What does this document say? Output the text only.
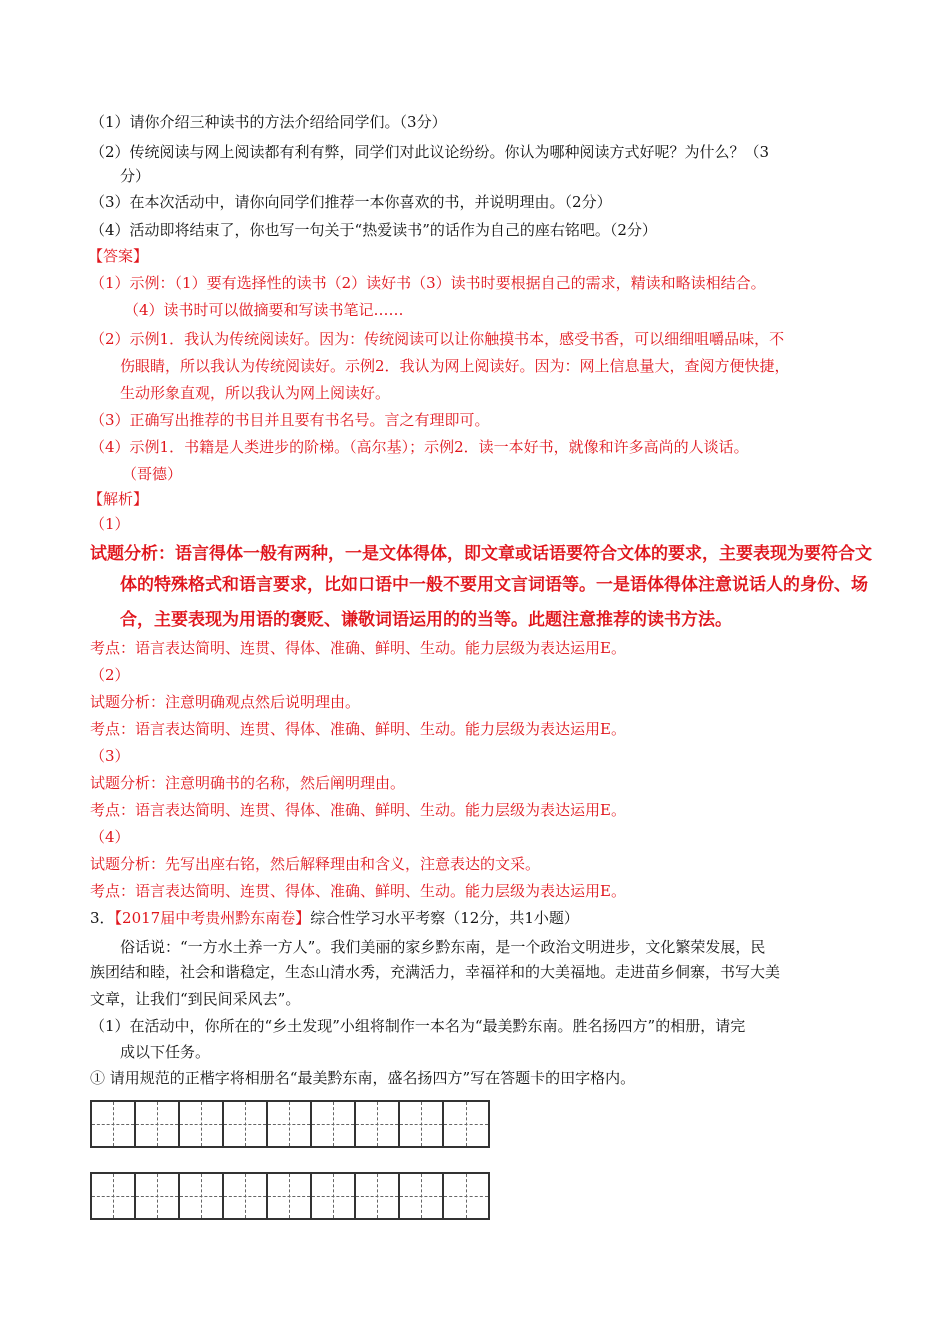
（1）请你介绍三种读书的方法介绍给同学们。（3分）
（2）传统阅读与网上阅读都有利有弊，同学们对此议论纷纷。你认为哪种阅读方式好呢？为什么？（3
分）
（3）在本次活动中，请你向同学们推荐一本你喜欢的书，并说明理由。（2分）
（4）活动即将结束了，你也写一句关于“热爱读书”的话作为自己的座右铭吧。（2分）
【答案】
（1）示例：（1）要有选择性的读书（2）读好书（3）读书时要根据自己的需求，精读和略读相结合。
（4）读书时可以做摘要和写读书笔记……
（2）示例1．我认为传统阅读好。因为：传统阅读可以让你触摸书本，感受书香，可以细细咀嚼品味，不
伤眼睛，所以我认为传统阅读好。示例2．我认为网上阅读好。因为：网上信息量大，查阅方便快捷，
生动形象直观，所以我认为网上阅读好。
（3）正确写出推荐的书目并且要有书名号。言之有理即可。
（4）示例1．书籍是人类进步的阶梯。（高尔基）；示例2．读一本好书，就像和许多高尚的人谈话。
（哥德）
【解析】
（1）
试题分析：语言得体一般有两种，一是文体得体，即文章或话语要符合文体的要求，主要表现为要符合文
体的特殊格式和语言要求，比如口语中一般不要用文言词语等。一是语体得体注意说话人的身份、场
合，主要表现为用语的褒贬、谦敬词语运用的的当等。此题注意推荐的读书方法。
考点：语言表达简明、连贯、得体、准确、鲜明、生动。能力层级为表达运用E。
（2）
试题分析：注意明确观点然后说明理由。
考点：语言表达简明、连贯、得体、准确、鲜明、生动。能力层级为表达运用E。
（3）
试题分析：注意明确书的名称，然后阐明理由。
考点：语言表达简明、连贯、得体、准确、鲜明、生动。能力层级为表达运用E。
（4）
试题分析：先写出座右铭，然后解释理由和含义，注意表达的文采。
考点：语言表达简明、连贯、得体、准确、鲜明、生动。能力层级为表达运用E。
3．【2017届中考贵州黔东南卷】综合性学习水平考察（12分，共1小题）
俗话说：“一方水土养一方人”。我们美丽的家乡黔东南，是一个政治文明进步，文化繁荣发展，民
族团结和睦，社会和谐稳定，生态山清水秀，充满活力，幸福祥和的大美福地。走进苗乡侗寨，书写大美
文章，让我们“到民间采风去”。
（1）在活动中，你所在的“乡土发现”小组将制作一本名为“最美黔东南。胜名扬四方”的相册，请完
成以下任务。
① 请用规范的正楷字将相册名“最美黔东南，盛名扬四方”写在答题卡的田字格内。
